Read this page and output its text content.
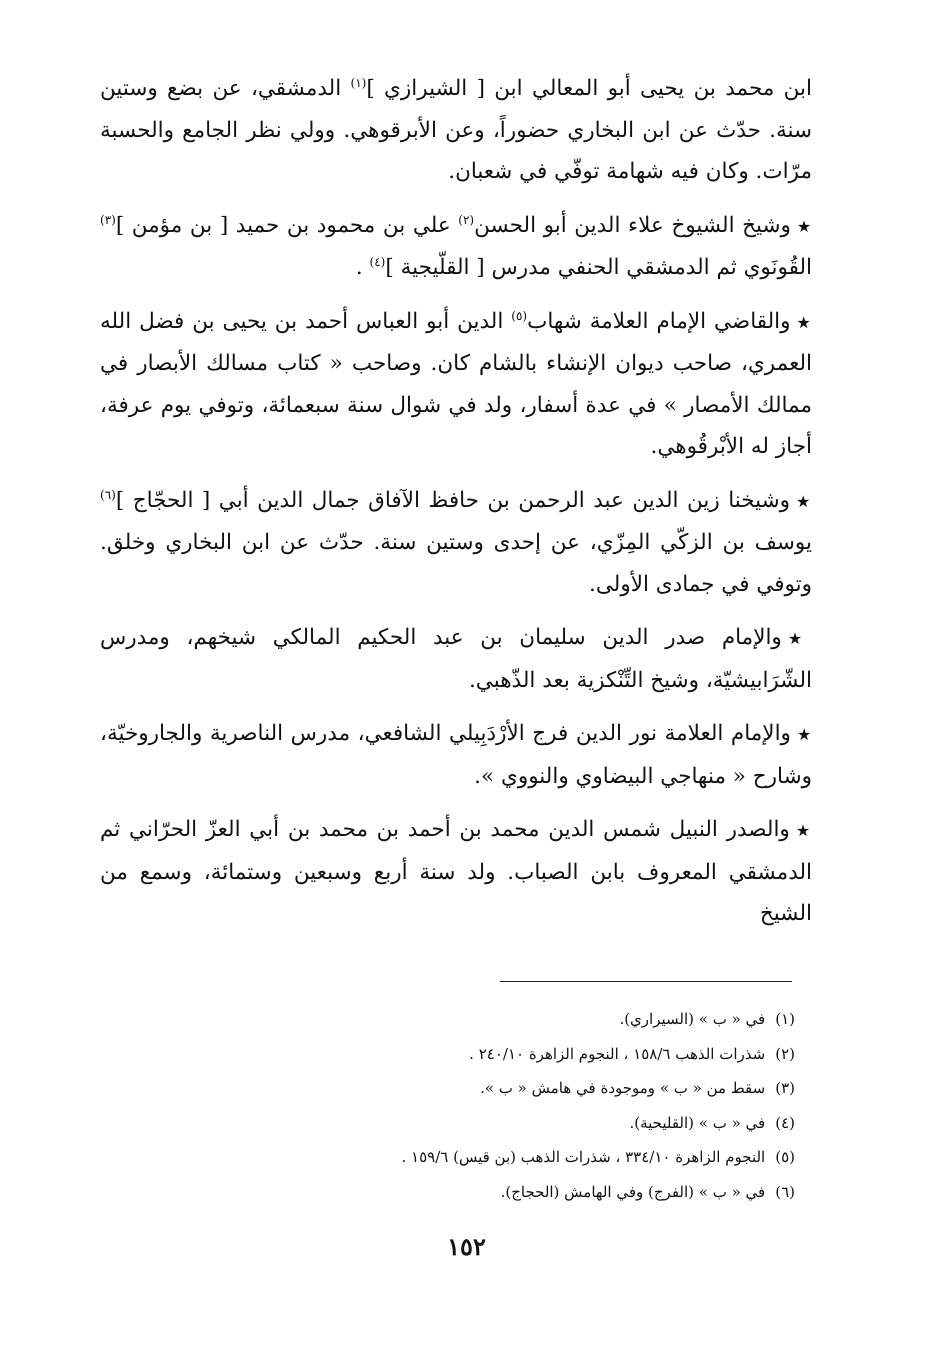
ابن محمد بن يحيى أبو المعالي ابن [ الشيرازي ]$^{(١)}$ الدمشقي، عن بضع وستين سنة. حدّث عن ابن البخاري حضوراً، وعن الأبرقوهي. وولي نظر الجامع والحسبة مرّات. وكان فيه شهامة توفّي في شعبان.

★وشيخ الشيوخ علاء الدين أبو الحسن$^{(٢)}$ علي بن محمود بن حميد [ بن مؤمن ]$^{(٣)}$ القُونَوي ثم الدمشقي الحنفي مدرس [ القلّيجية ]$^{(٤)}$ .

★والقاضي الإمام العلامة شهاب$^{(٥)}$ الدين أبو العباس أحمد بن يحيى بن فضل الله العمري، صاحب ديوان الإنشاء بالشام كان. وصاحب « كتاب مسالك الأبصار في ممالك الأمصار » في عدة أسفار، ولد في شوال سنة سبعمائة، وتوفي يوم عرفة، أجاز له الأبْرقُوهي.

★وشيخنا زين الدين عبد الرحمن بن حافظ الآفاق جمال الدين أبي [ الحجّاج ]$^{(٦)}$ يوسف بن الزكّي المِزّي، عن إحدى وستين سنة. حدّث عن ابن البخاري وخلق. وتوفي في جمادى الأولى.

★والإمام صدر الدين سليمان بن عبد الحكيم المالكي شيخهم، ومدرس الشّرَابيشيّة، وشيخ التِّنْكزية بعد الذّهبي.

★والإمام العلامة نور الدين فرج الأرْدَبِيلي الشافعي، مدرس الناصرية والجاروخيّة، وشارح « منهاجي البيضاوي والنووي ».

★والصدر النبيل شمس الدين محمد بن أحمد بن محمد بن أبي العزّ الحرّاني ثم الدمشقي المعروف بابن الصباب. ولد سنة أربع وسبعين وستمائة، وسمع من الشيخ

(١)في « ب » (السيراري).
(٢)شذرات الذهب ١٥٨/٦ ، النجوم الزاهرة ٢٤٠/١٠ .
(٣)سقط من « ب » وموجودة في هامش « ب ».
(٤)في « ب » (القليحية).
(٥)النجوم الزاهرة ٣٣٤/١٠ ، شذرات الذهب (بن قيس) ١٥٩/٦ .
(٦)في « ب » (الفرج) وفي الهامش (الحجاج).
١٥٢
